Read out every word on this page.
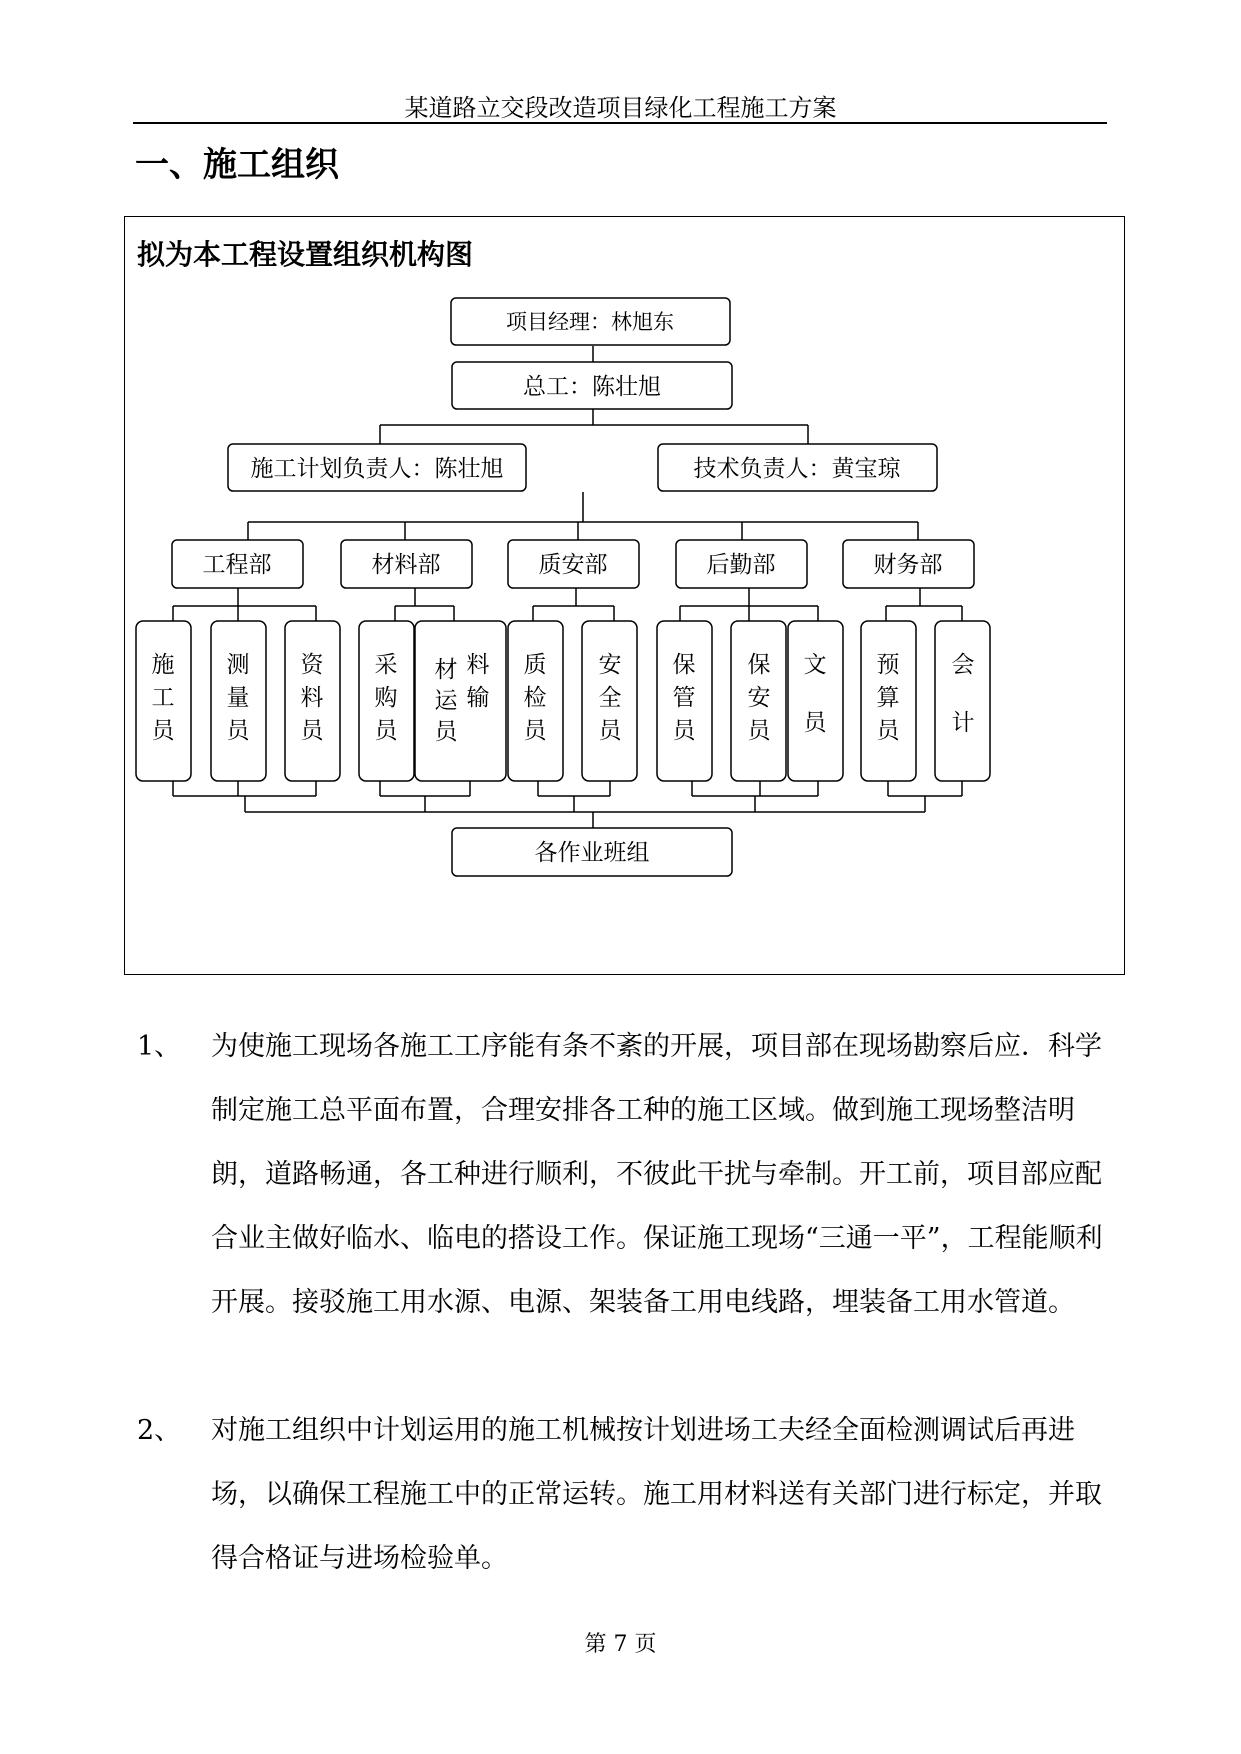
某道路立交段改造项目绿化工程施工方案
一、施工组织
拟为本工程设置组织机构图
项目经理：林旭东
总工：陈壮旭
施工计划负责人：陈壮旭	技术负责人：黄宝琼
工程部	材料部	质安部	后勤部	财务部
施
工
员
测
量
员
资
料
员
采
购
员
材
运
员
料
输
质
检
员
安
全
员
保
管
员
保
安
员
文
员
预
算
员
会
计
各作业班组
1、	为使施工现场各施工工序能有条不紊的开展，项目部在现场勘察后应．科学制定施工总平面布置，合理安排各工种的施工区域。做到施工现场整洁明朗，道路畅通，各工种进行顺利，不彼此干扰与牵制。开工前，项目部应配合业主做好临水、临电的搭设工作。保证施工现场“三通一平”，工程能顺利开展。接驳施工用水源、电源、架装备工用电线路，埋装备工用水管道。
2、	对施工组织中计划运用的施工机械按计划进场工夫经全面检测调试后再进场，以确保工程施工中的正常运转。施工用材料送有关部门进行标定，并取得合格证与进场检验单。
第 7 页
